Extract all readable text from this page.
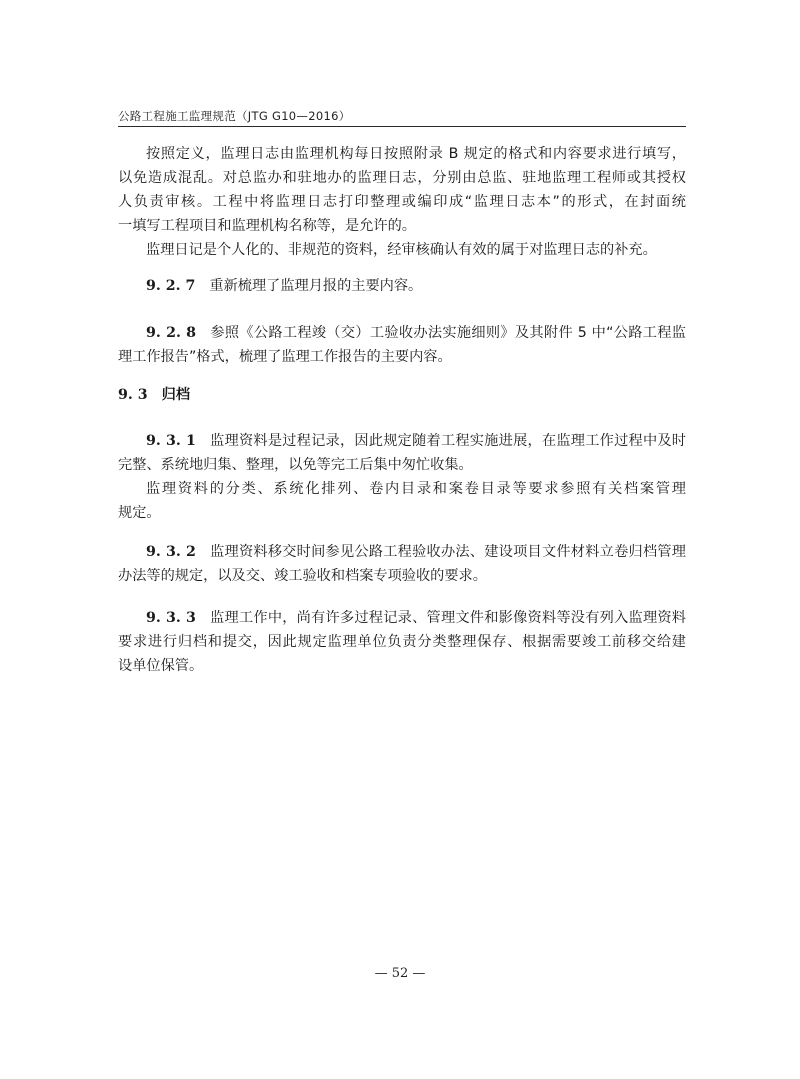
公路工程施工监理规范（JTG G10—2016）
按照定义，监理日志由监理机构每日按照附录 B 规定的格式和内容要求进行填写，
以免造成混乱。对总监办和驻地办的监理日志，分别由总监、驻地监理工程师或其授权
人负责审核。工程中将监理日志打印整理或编印成“监理日志本”的形式，在封面统
一填写工程项目和监理机构名称等，是允许的。
监理日记是个人化的、非规范的资料，经审核确认有效的属于对监理日志的补充。
9. 2. 7 重新梳理了监理月报的主要内容。
9. 2. 8 参照《公路工程竣（交）工验收办法实施细则》及其附件 5 中“公路工程监
理工作报告”格式，梳理了监理工作报告的主要内容。
9. 3 归档
9. 3. 1 监理资料是过程记录，因此规定随着工程实施进展，在监理工作过程中及时
完整、系统地归集、整理，以免等完工后集中匆忙收集。
监理资料的分类、系统化排列、卷内目录和案卷目录等要求参照有关档案管理
规定。
9. 3. 2 监理资料移交时间参见公路工程验收办法、建设项目文件材料立卷归档管理
办法等的规定，以及交、竣工验收和档案专项验收的要求。
9. 3. 3 监理工作中，尚有许多过程记录、管理文件和影像资料等没有列入监理资料
要求进行归档和提交，因此规定监理单位负责分类整理保存、根据需要竣工前移交给建
设单位保管。
— 52 —
